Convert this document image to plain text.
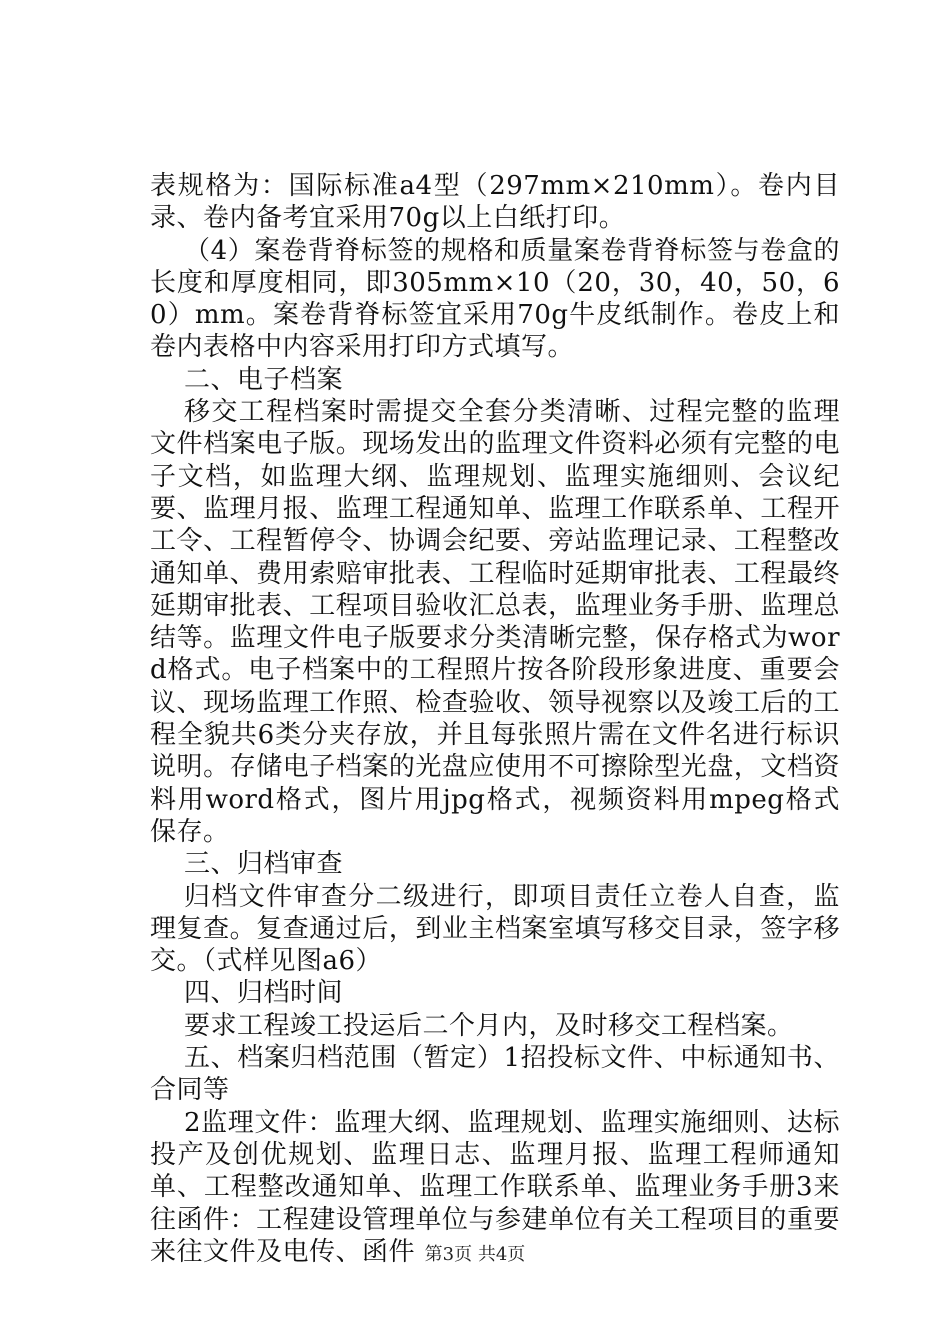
表规格为：国际标准a4型（297mm×210mm）。卷内目录、卷内备考宜采用70g以上白纸打印。

（4）案卷背脊标签的规格和质量案卷背脊标签与卷盒的长度和厚度相同，即305mm×10（20，30，40，50，60）mm。案卷背脊标签宜采用70g牛皮纸制作。卷皮上和卷内表格中内容采用打印方式填写。

二、电子档案

移交工程档案时需提交全套分类清晰、过程完整的监理文件档案电子版。现场发出的监理文件资料必须有完整的电子文档，如监理大纲、监理规划、监理实施细则、会议纪要、监理月报、监理工程通知单、监理工作联系单、工程开工令、工程暂停令、协调会纪要、旁站监理记录、工程整改通知单、费用索赔审批表、工程临时延期审批表、工程最终延期审批表、工程项目验收汇总表，监理业务手册、监理总结等。监理文件电子版要求分类清晰完整，保存格式为word格式。电子档案中的工程照片按各阶段形象进度、重要会议、现场监理工作照、检查验收、领导视察以及竣工后的工程全貌共6类分夹存放，并且每张照片需在文件名进行标识说明。存储电子档案的光盘应使用不可擦除型光盘，文档资料用word格式，图片用jpg格式，视频资料用mpeg格式保存。

三、归档审查

归档文件审查分二级进行，即项目责任立卷人自查，监理复查。复查通过后，到业主档案室填写移交目录，签字移交。（式样见图a6）

四、归档时间

要求工程竣工投运后二个月内，及时移交工程档案。

五、档案归档范围（暂定）1招投标文件、中标通知书、合同等

2监理文件：监理大纲、监理规划、监理实施细则、达标投产及创优规划、监理日志、监理月报、监理工程师通知单、工程整改通知单、监理工作联系单、监理业务手册3来往函件：工程建设管理单位与参建单位有关工程项目的重要来往文件及电传、函件 第3页 共4页
